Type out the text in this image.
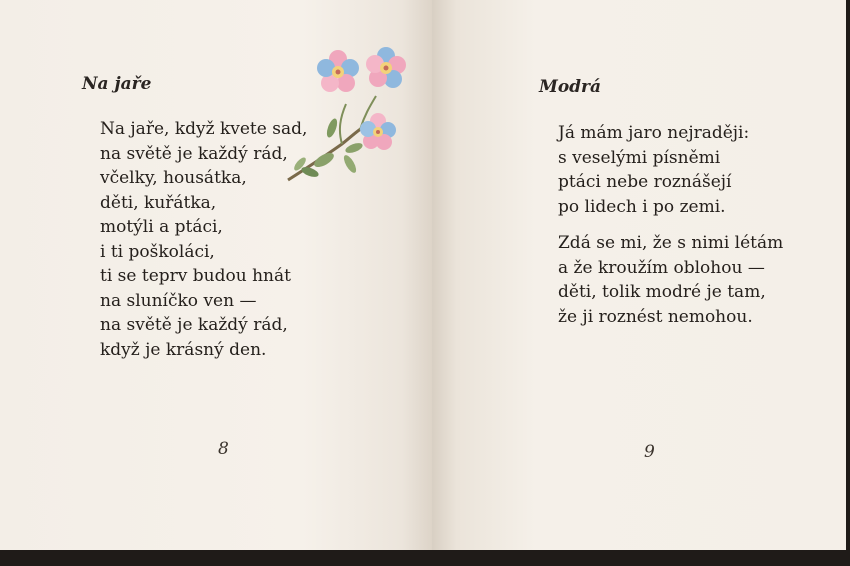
Na jaře
Na jaře, když kvete sad,
na světě je každý rád,
včelky, housátka,
děti, kuřátka,
motýli a ptáci,
i ti poškoláci,
ti se teprv budou hnát
na sluníčko ven —
na světě je každý rád,
když je krásný den.
8
Modrá
Já mám jaro nejraději:
s veselými písněmi
ptáci nebe roznášejí
po lidech i po zemi.
Zdá se mi, že s nimi létám
a že kroužím oblohou —
děti, tolik modré je tam,
že ji roznést nemohou.
9
